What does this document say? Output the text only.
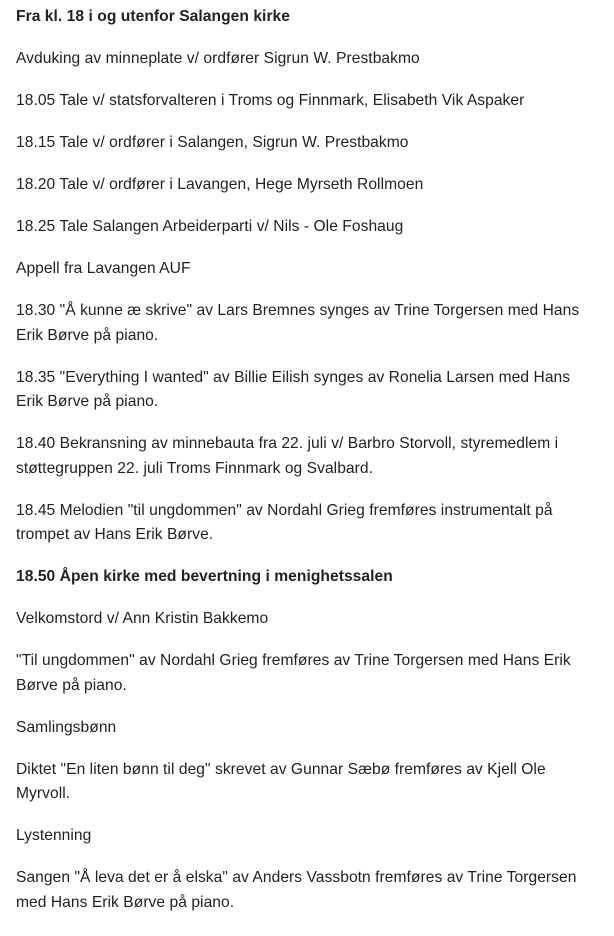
Fra kl. 18 i og utenfor Salangen kirke

Avduking av minneplate v/ ordfører Sigrun W. Prestbakmo

18.05 Tale v/ statsforvalteren i Troms og Finnmark, Elisabeth Vik Aspaker

18.15 Tale v/ ordfører i Salangen, Sigrun W. Prestbakmo

18.20 Tale v/ ordfører i Lavangen, Hege Myrseth Rollmoen

18.25 Tale Salangen Arbeiderparti v/ Nils - Ole Foshaug

Appell fra Lavangen AUF

18.30 "Å kunne æ skrive" av Lars Bremnes synges av Trine Torgersen med Hans Erik Børve på piano.

18.35 "Everything I wanted" av Billie Eilish synges av Ronelia Larsen med Hans Erik Børve på piano.

18.40 Bekransning av minnebauta fra 22. juli v/ Barbro Storvoll, styremedlem i støttegruppen 22. juli Troms Finnmark og Svalbard.

18.45 Melodien "til ungdommen" av Nordahl Grieg fremføres instrumentalt på trompet av Hans Erik Børve.

18.50 Åpen kirke med bevertning i menighetssalen

Velkomstord v/ Ann Kristin Bakkemo

"Til ungdommen" av Nordahl Grieg fremføres av Trine Torgersen med Hans Erik Børve på piano.

Samlingsbønn

Diktet "En liten bønn til deg" skrevet av Gunnar Sæbø fremføres av Kjell Ole Myrvoll.

Lystenning

Sangen "Å leva det er å elska" av Anders Vassbotn fremføres av Trine Torgersen med Hans Erik Børve på piano.
